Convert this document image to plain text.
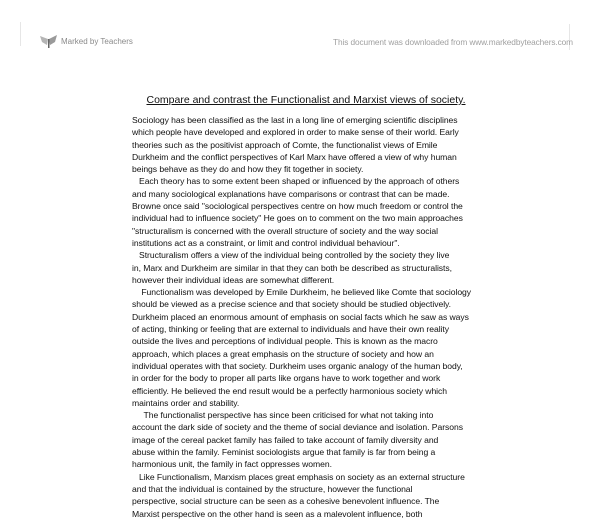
Marked by Teachers	This document was downloaded from www.markedbyteachers.com
Compare and contrast the Functionalist and Marxist views of society.
Sociology has been classified as the last in a long line of emerging scientific disciplines
which people have developed and explored in order to make sense of their world. Early
theories such as the positivist approach of Comte, the functionalist views of Emile
Durkheim and the conflict perspectives of Karl Marx have offered a view of why human
beings behave as they do and how they fit together in society.
Each theory has to some extent been shaped or influenced by the approach of others
and many sociological explanations have comparisons or contrast that can be made.
Browne once said "sociological perspectives centre on how much freedom or control the
individual had to influence society" He goes on to comment on the two main approaches
"structuralism is concerned with the overall structure of society and the way social
institutions act as a constraint, or limit and control individual behaviour".
Structuralism offers a view of the individual being controlled by the society they live
in, Marx and Durkheim are similar in that they can both be described as structuralists,
however their individual ideas are somewhat different.
Functionalism was developed by Emile Durkheim, he believed like Comte that sociology
should be viewed as a precise science and that society should be studied objectively.
Durkheim placed an enormous amount of emphasis on social facts which he saw as ways
of acting, thinking or feeling that are external to individuals and have their own reality
outside the lives and perceptions of individual people. This is known as the macro
approach, which places a great emphasis on the structure of society and how an
individual operates with that society. Durkheim uses organic analogy of the human body,
in order for the body to proper all parts like organs have to work together and work
efficiently. He believed the end result would be a perfectly harmonious society which
maintains order and stability.
The functionalist perspective has since been criticised for what not taking into
account the dark side of society and the theme of social deviance and isolation. Parsons
image of the cereal packet family has failed to take account of family diversity and
abuse within the family. Feminist sociologists argue that family is far from being a
harmonious unit, the family in fact oppresses women.
Like Functionalism, Marxism places great emphasis on society as an external structure
and that the individual is contained by the structure, however the functional
perspective, social structure can be seen as a cohesive benevolent influence. The
Marxist perspective on the other hand is seen as a malevolent influence, both
